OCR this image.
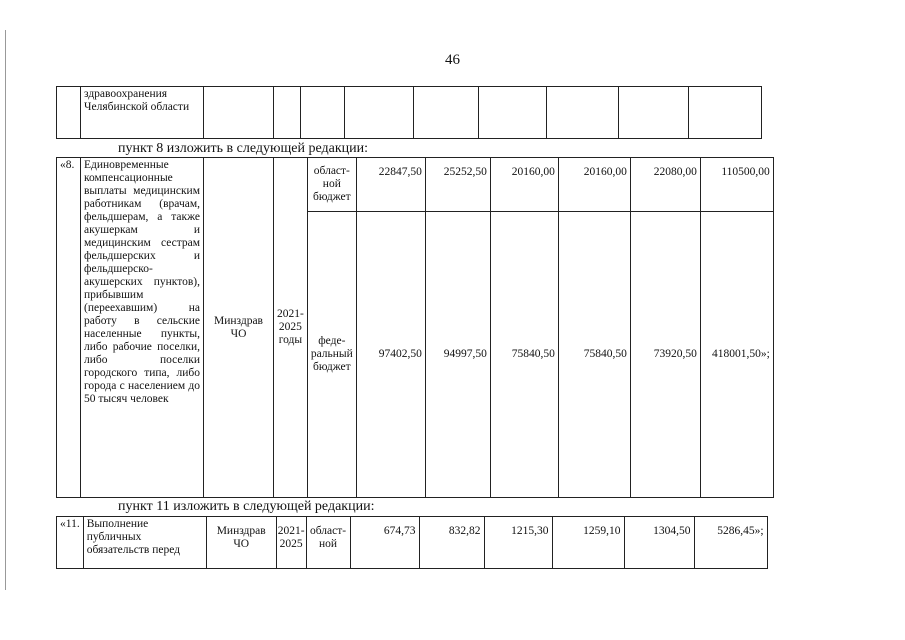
46
	здравоохранения Челябинской области									
пункт 8 изложить в следующей редакции:
«8.	Единовременные компенсационные выплаты медицинским работникам (врачам, фельдшерам, а также акушеркам и медицинским сестрам фельдшерских и фельдшерско-акушерских пунктов), прибывшим (переехавшим) на работу в сельские населенные пункты, либо рабочие поселки, либо поселки городского типа, либо города с населением до 50 тысяч человек	Минздрав ЧО	2021-2025 годы	област-ной бюджет	22847,50	25252,50	20160,00	20160,00	22080,00	110500,00
				феде-ральный бюджет	97402,50	94997,50	75840,50	75840,50	73920,50	418001,50»;
пункт 11 изложить в следующей редакции:
«11.	Выполнение публичных обязательств перед	Минздрав ЧО	2021-2025	област-ной	674,73	832,82	1215,30	1259,10	1304,50	5286,45»;
